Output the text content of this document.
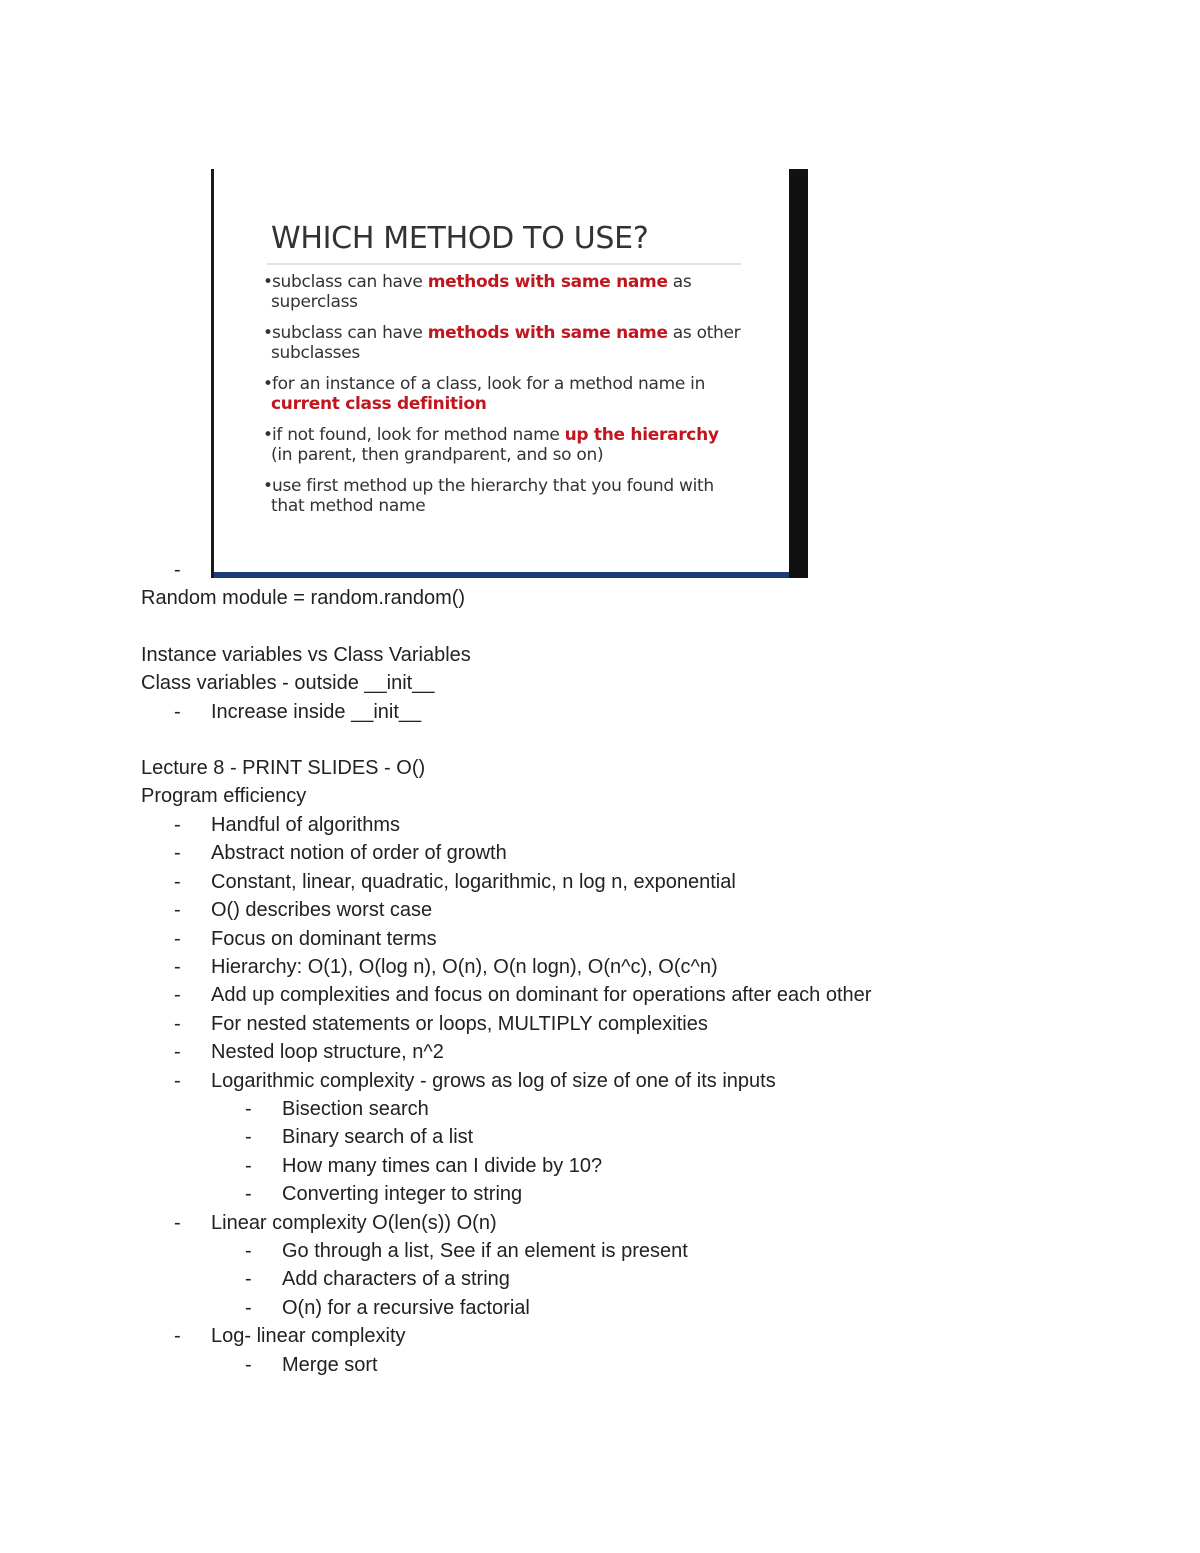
WHICH METHOD TO USE?
•subclass can have methods with same name as
superclass
•subclass can have methods with same name as other
subclasses
•for an instance of a class, look for a method name in
current class definition
•if not found, look for method name up the hierarchy
(in parent, then grandparent, and so on)
•use first method up the hierarchy that you found with
that method name
-
Random module = random.random()
Instance variables vs Class Variables
Class variables - outside __init__
- Increase inside __init__
Lecture 8 - PRINT SLIDES - O()
Program efficiency
- Handful of algorithms
- Abstract notion of order of growth
- Constant, linear, quadratic, logarithmic, n log n, exponential
- O() describes worst case
- Focus on dominant terms
- Hierarchy: O(1), O(log n), O(n), O(n logn), O(n^c), O(c^n)
- Add up complexities and focus on dominant for operations after each other
- For nested statements or loops, MULTIPLY complexities
- Nested loop structure, n^2
- Logarithmic complexity - grows as log of size of one of its inputs
- Bisection search
- Binary search of a list
- How many times can I divide by 10?
- Converting integer to string
- Linear complexity O(len(s)) O(n)
- Go through a list, See if an element is present
- Add characters of a string
- O(n) for a recursive factorial
- Log- linear complexity
- Merge sort
